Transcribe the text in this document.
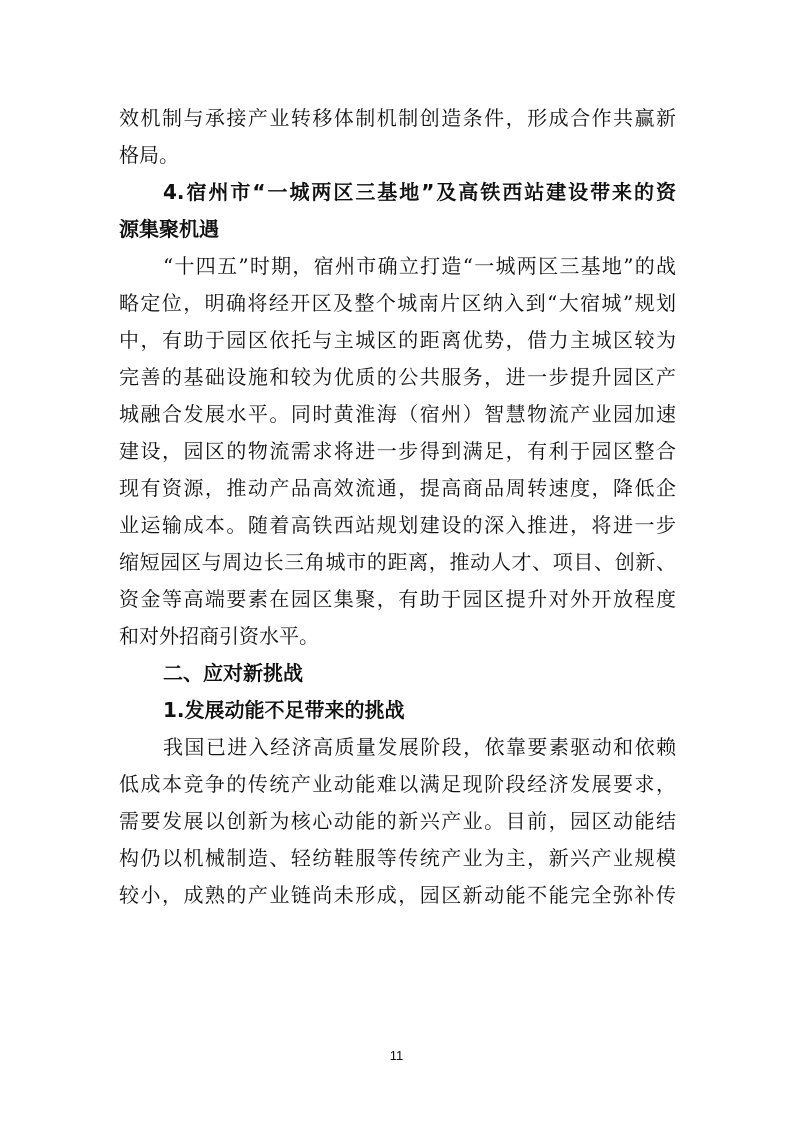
效机制与承接产业转移体制机制创造条件，形成合作共赢新
格局。
4.宿州市“一城两区三基地”及高铁西站建设带来的资
源集聚机遇
“十四五”时期，宿州市确立打造“一城两区三基地”的战
略定位，明确将经开区及整个城南片区纳入到“大宿城”规划
中，有助于园区依托与主城区的距离优势，借力主城区较为
完善的基础设施和较为优质的公共服务，进一步提升园区产
城融合发展水平。同时黄淮海（宿州）智慧物流产业园加速
建设，园区的物流需求将进一步得到满足，有利于园区整合
现有资源，推动产品高效流通，提高商品周转速度，降低企
业运输成本。随着高铁西站规划建设的深入推进，将进一步
缩短园区与周边长三角城市的距离，推动人才、项目、创新、
资金等高端要素在园区集聚，有助于园区提升对外开放程度
和对外招商引资水平。
二、应对新挑战
1.发展动能不足带来的挑战
我国已进入经济高质量发展阶段，依靠要素驱动和依赖
低成本竞争的传统产业动能难以满足现阶段经济发展要求，
需要发展以创新为核心动能的新兴产业。目前，园区动能结
构仍以机械制造、轻纺鞋服等传统产业为主，新兴产业规模
较小，成熟的产业链尚未形成，园区新动能不能完全弥补传
11
